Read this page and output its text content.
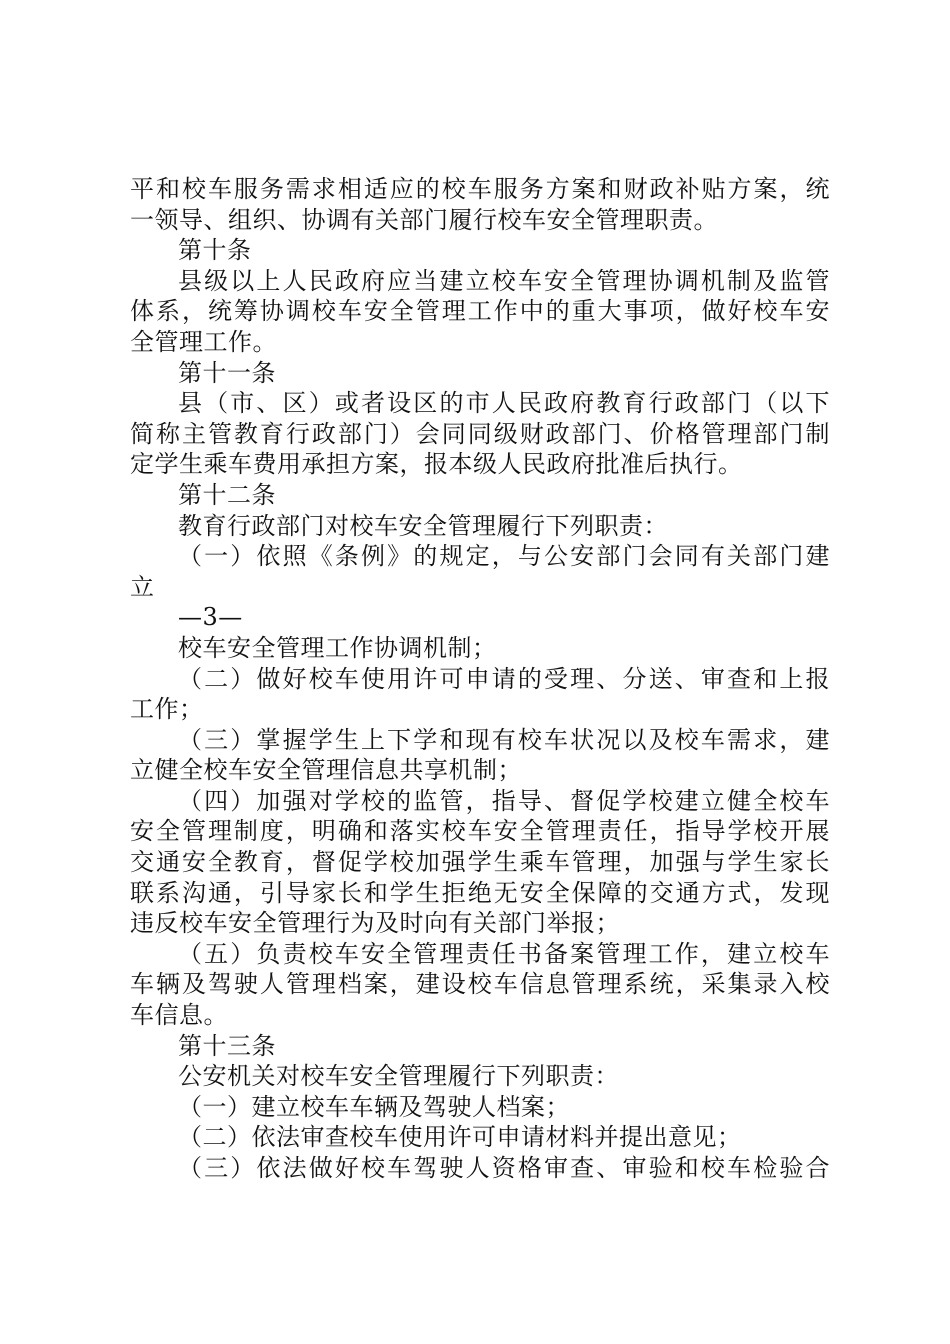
平和校车服务需求相适应的校车服务方案和财政补贴方案，统
一领导、组织、协调有关部门履行校车安全管理职责。
第十条
县级以上人民政府应当建立校车安全管理协调机制及监管
体系，统筹协调校车安全管理工作中的重大事项，做好校车安
全管理工作。
第十一条
县（市、区）或者设区的市人民政府教育行政部门（以下
简称主管教育行政部门）会同同级财政部门、价格管理部门制
定学生乘车费用承担方案，报本级人民政府批准后执行。
第十二条
教育行政部门对校车安全管理履行下列职责：
（一）依照《条例》的规定，与公安部门会同有关部门建
立
—3—
校车安全管理工作协调机制；
（二）做好校车使用许可申请的受理、分送、审查和上报
工作；
（三）掌握学生上下学和现有校车状况以及校车需求，建
立健全校车安全管理信息共享机制；
（四）加强对学校的监管，指导、督促学校建立健全校车
安全管理制度，明确和落实校车安全管理责任，指导学校开展
交通安全教育，督促学校加强学生乘车管理，加强与学生家长
联系沟通，引导家长和学生拒绝无安全保障的交通方式，发现
违反校车安全管理行为及时向有关部门举报；
（五）负责校车安全管理责任书备案管理工作，建立校车
车辆及驾驶人管理档案，建设校车信息管理系统，采集录入校
车信息。
第十三条
公安机关对校车安全管理履行下列职责：
（一）建立校车车辆及驾驶人档案；
（二）依法审查校车使用许可申请材料并提出意见；
（三）依法做好校车驾驶人资格审查、审验和校车检验合
